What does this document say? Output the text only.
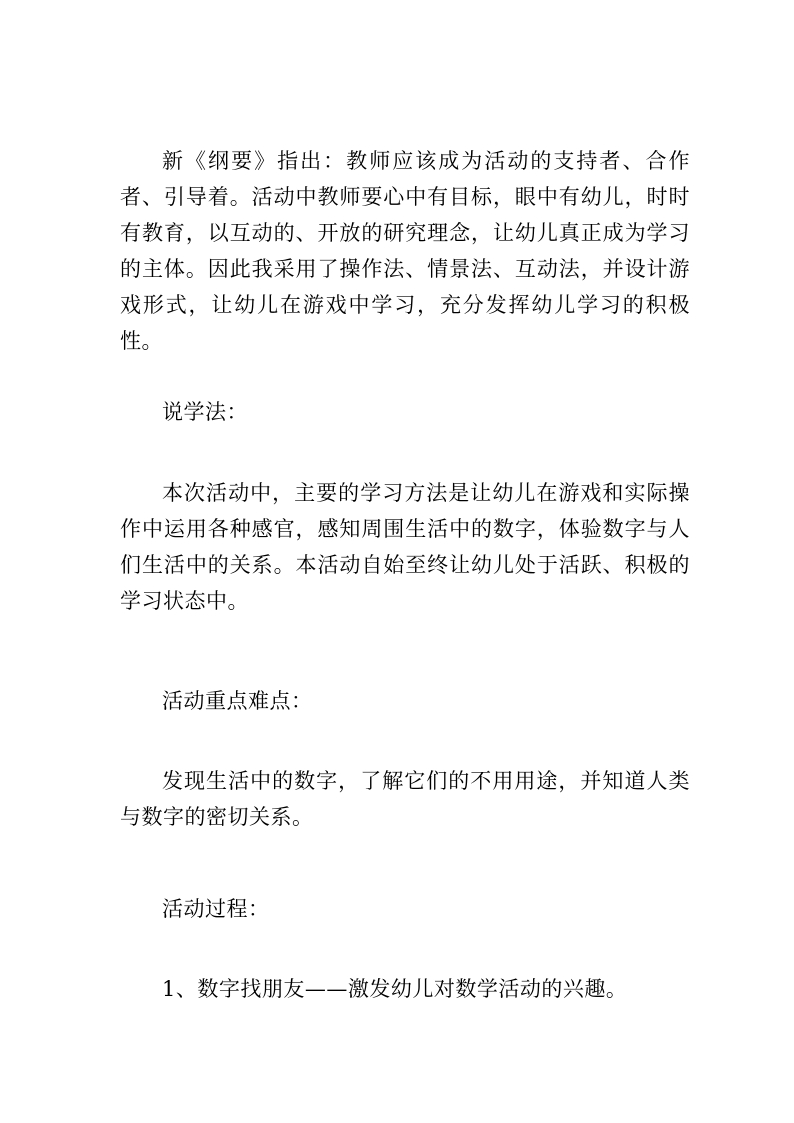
新《纲要》指出：教师应该成为活动的支持者、合作者、引导着。活动中教师要心中有目标，眼中有幼儿，时时有教育，以互动的、开放的研究理念，让幼儿真正成为学习的主体。因此我采用了操作法、情景法、互动法，并设计游戏形式，让幼儿在游戏中学习，充分发挥幼儿学习的积极性。

说学法：

本次活动中，主要的学习方法是让幼儿在游戏和实际操作中运用各种感官，感知周围生活中的数字，体验数字与人们生活中的关系。本活动自始至终让幼儿处于活跃、积极的学习状态中。

活动重点难点：

发现生活中的数字，了解它们的不用用途，并知道人类与数字的密切关系。

活动过程：

1、数字找朋友——激发幼儿对数学活动的兴趣。
